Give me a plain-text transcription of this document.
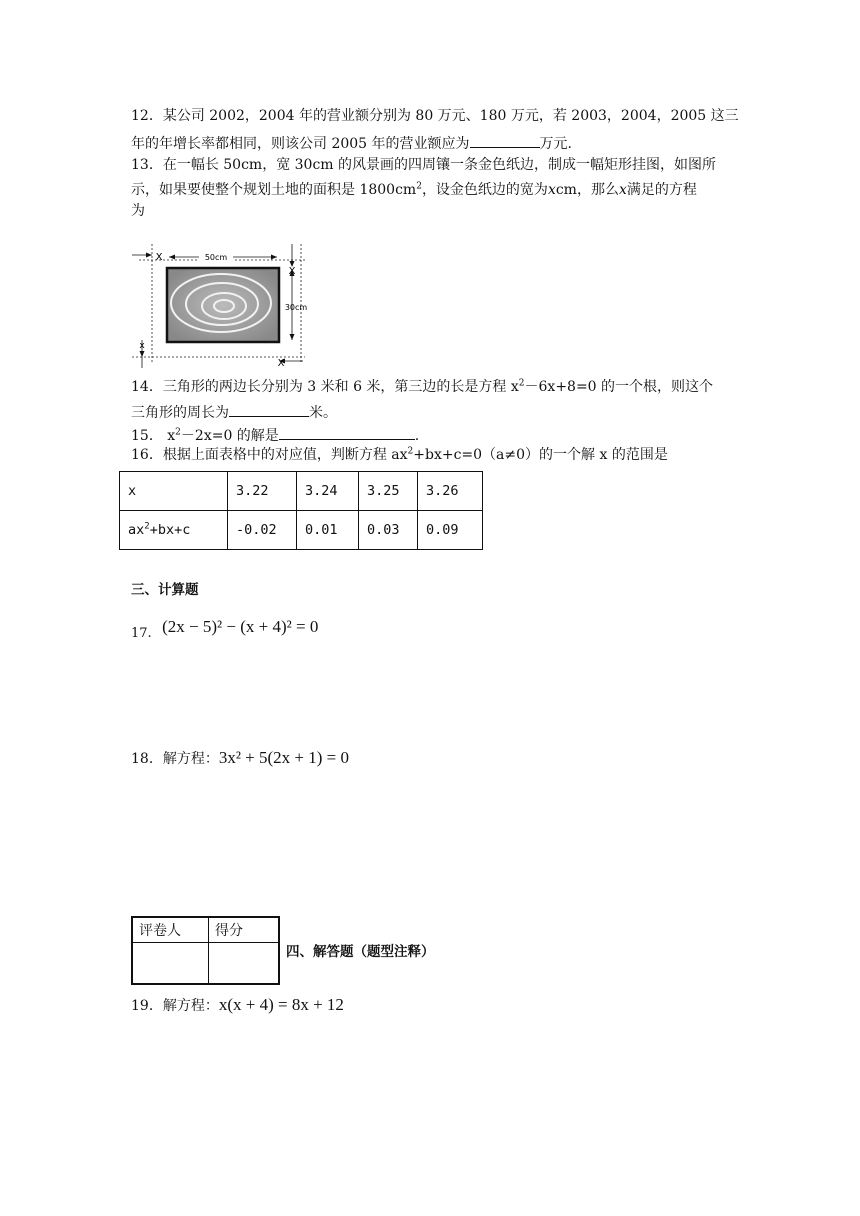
12．某公司 2002，2004 年的营业额分别为 80 万元、180 万元，若 2003，2004，2005 这三
年的年增长率都相同，则该公司 2005 年的营业额应为	万元.
13．在一幅长 50cm，宽 30cm 的风景画的四周镶一条金色纸边，制成一幅矩形挂图，如图所
示，如果要使整个规划土地的面积是 $1800cm^2$，设金色纸边的宽为xcm，那么x满足的方程
为
50cm
X
30cm
X
X
x
14．三角形的两边长分别为 3 米和 6 米，第三边的长是方程 $x^2-6x+8=0$ 的一个根，则这个
三角形的周长为	米。
15． $x^2-2x=0$ 的解是	.
16．根据上面表格中的对应值，判断方程 $ax^2+bx+c=0(a\ne 0)$的一个解 x 的范围是
x	3.22	3.24	3.25	3.26
$ax^2+bx+c$	-0.02	0.01	0.03	0.09
三、计算题
17. (2x − 5)² − (x + 4)² = 0
18．解方程：3x² + 5(2x + 1) = 0
评卷人	得分

四、解答题（题型注释）
19．解方程：x(x + 4) = 8x + 12
